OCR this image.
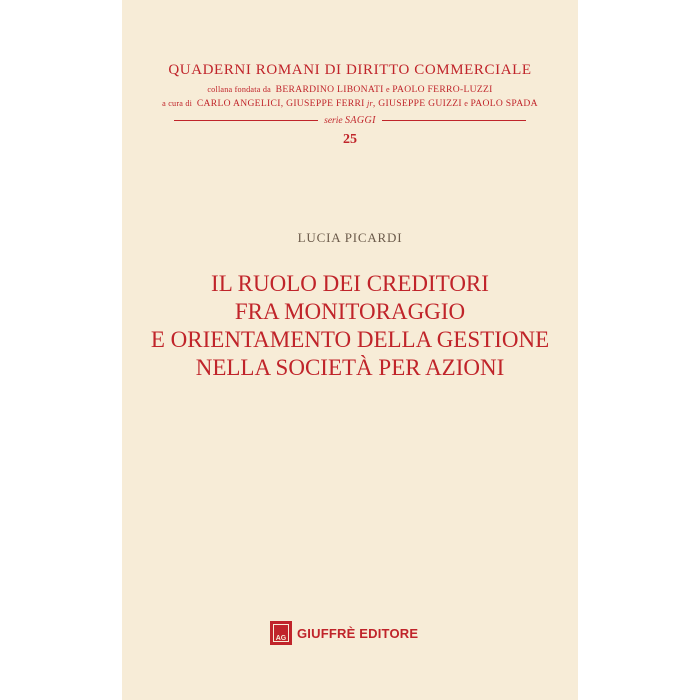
QUADERNI ROMANI DI DIRITTO COMMERCIALE
collana fondata da BERARDINO LIBONATI e PAOLO FERRO-LUZZI
a cura di CARLO ANGELICI, GIUSEPPE FERRI jr, GIUSEPPE GUIZZI e PAOLO SPADA
serie SAGGI
25
LUCIA PICARDI
IL RUOLO DEI CREDITORI
FRA MONITORAGGIO
E ORIENTAMENTO DELLA GESTIONE
NELLA SOCIETÀ PER AZIONI
AG GIUFFRÈ EDITORE
